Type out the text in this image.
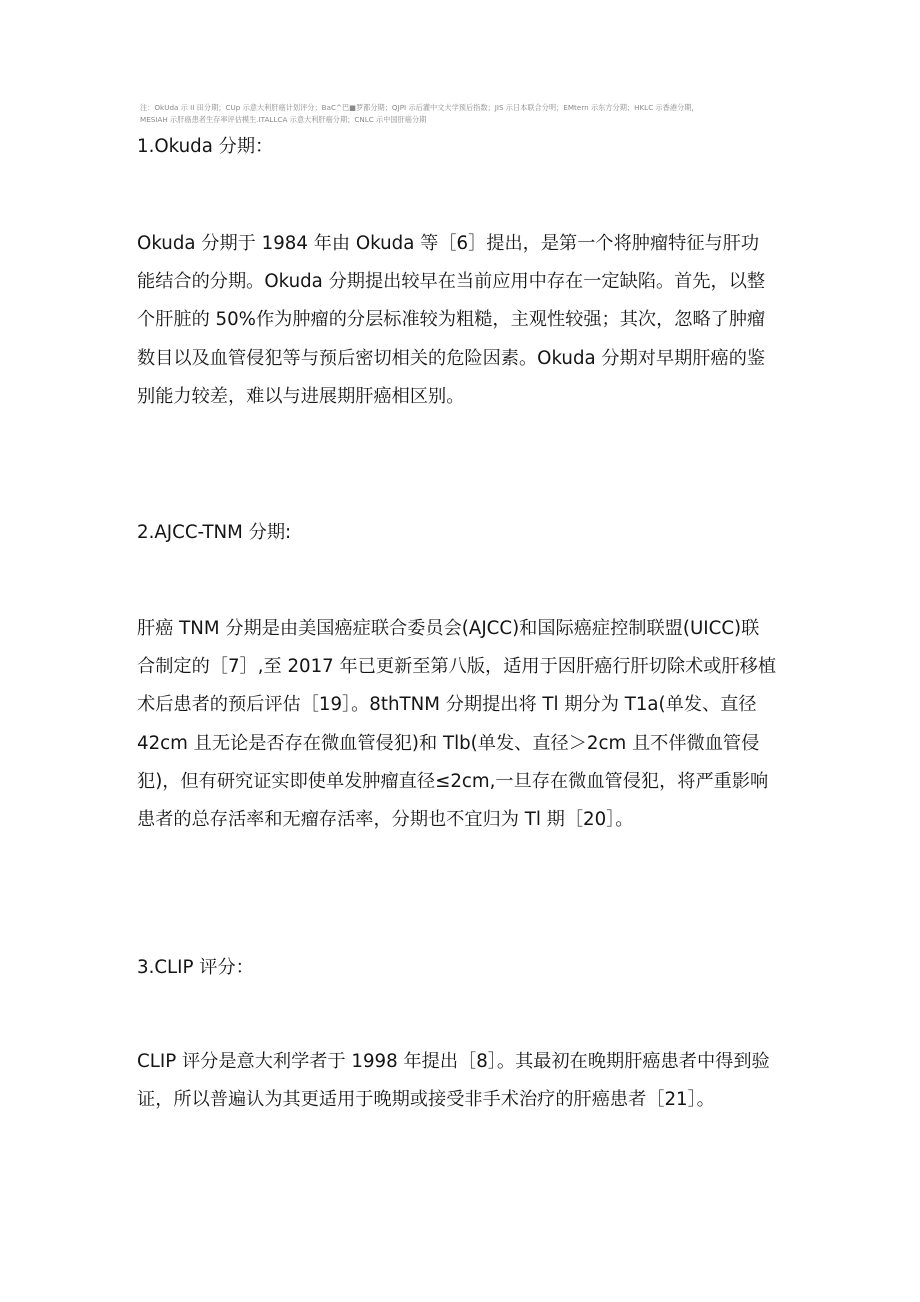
注：OkUda 示 II 田分期；CUp 示意大利肝癌计划评分；BaC^巴■罗都分期；QJPI 示后灌中文大学预后指数；JIS 示日本联合分明；EMtern 示东方分期；HKLC 示香港分期，
MESIAH 示肝癌患者生存率评估模生.ITALLCA 示意大利肝癌分期；CNLC 示中国肝癌分期

1.Okuda 分期：

Okuda 分期于 1984 年由 Okuda 等［6］提出，是第一个将肿瘤特征与肝功

能结合的分期。Okuda 分期提出较早在当前应用中存在一定缺陷。首先，以整

个肝脏的 50%作为肿瘤的分层标准较为粗糙，主观性较强；其次，忽略了肿瘤

数目以及血管侵犯等与预后密切相关的危险因素。Okuda 分期对早期肝癌的鉴

别能力较差，难以与进展期肝癌相区别。

2.AJCC-TNM 分期:

肝癌 TNM 分期是由美国癌症联合委员会(AJCC)和国际癌症控制联盟(UICC)联

合制定的［7］,至 2017 年已更新至第八版，适用于因肝癌行肝切除术或肝移植

术后患者的预后评估［19］。8thTNM 分期提出将 Tl 期分为 T1a(单发、直径

42cm 且无论是否存在微血管侵犯)和 Tlb(单发、直径＞2cm 且不伴微血管侵

犯)，但有研究证实即使单发肿瘤直径≤2cm,一旦存在微血管侵犯，将严重影响

患者的总存活率和无瘤存活率，分期也不宜归为 Tl 期［20］。

3.CLIP 评分：

CLIP 评分是意大利学者于 1998 年提出［8］。其最初在晚期肝癌患者中得到验

证，所以普遍认为其更适用于晚期或接受非手术治疗的肝癌患者［21］。
